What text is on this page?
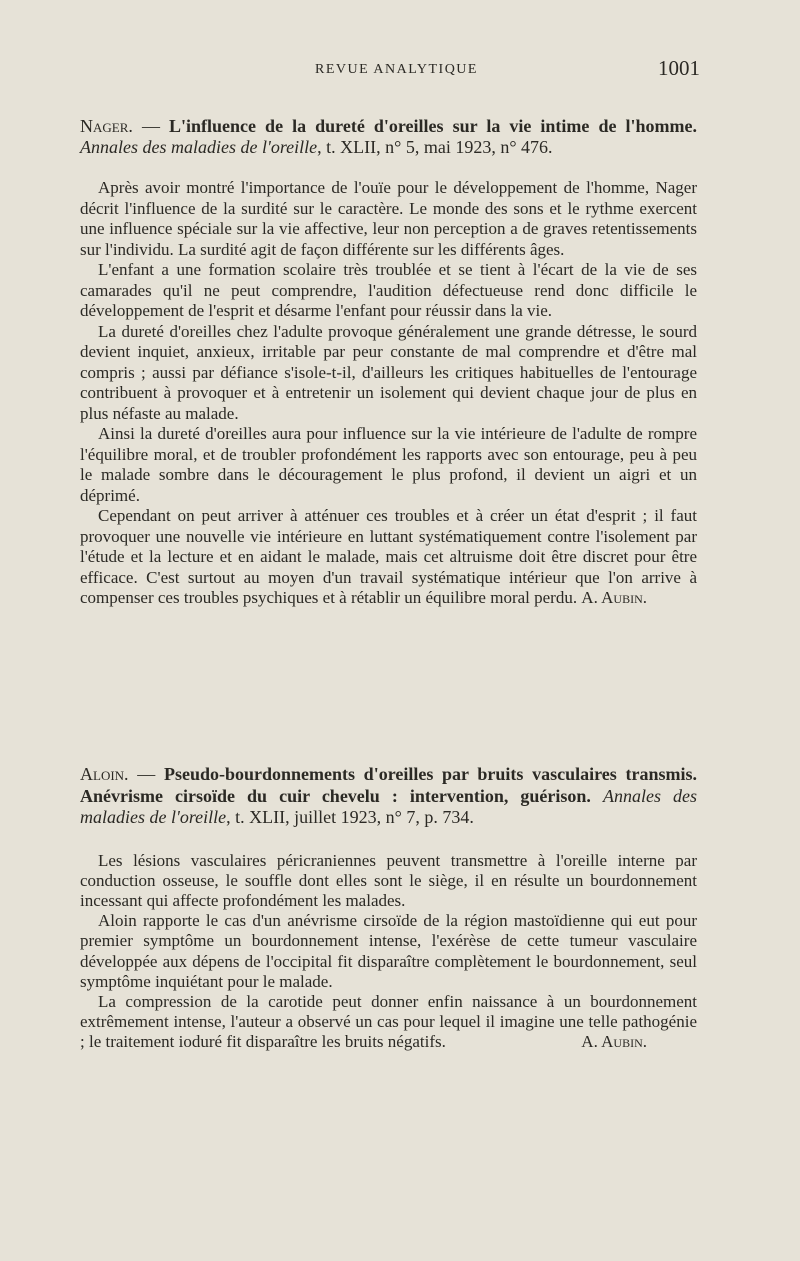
REVUE ANALYTIQUE	1001

Nager. — L'influence de la dureté d'oreilles sur la vie intime de l'homme. Annales des maladies de l'oreille, t. XLII, n° 5, mai 1923, n° 476.

Après avoir montré l'importance de l'ouïe pour le développement de l'homme, Nager décrit l'influence de la surdité sur le caractère. Le monde des sons et le rythme exercent une influence spéciale sur la vie affective, leur non perception a de graves retentissements sur l'individu. La surdité agit de façon différente sur les différents âges.

L'enfant a une formation scolaire très troublée et se tient à l'écart de la vie de ses camarades qu'il ne peut comprendre, l'audition défectueuse rend donc difficile le développement de l'esprit et désarme l'enfant pour réussir dans la vie.

La dureté d'oreilles chez l'adulte provoque généralement une grande détresse, le sourd devient inquiet, anxieux, irritable par peur constante de mal comprendre et d'être mal compris ; aussi par défiance s'isole-t-il, d'ailleurs les critiques habituelles de l'entourage contribuent à provoquer et à entretenir un isolement qui devient chaque jour de plus en plus néfaste au malade.

Ainsi la dureté d'oreilles aura pour influence sur la vie intérieure de l'adulte de rompre l'équilibre moral, et de troubler profondément les rapports avec son entourage, peu à peu le malade sombre dans le découragement le plus profond, il devient un aigri et un déprimé.

Cependant on peut arriver à atténuer ces troubles et à créer un état d'esprit ; il faut provoquer une nouvelle vie intérieure en luttant systématiquement contre l'isolement par l'étude et la lecture et en aidant le malade, mais cet altruisme doit être discret pour être efficace. C'est surtout au moyen d'un travail systématique intérieur que l'on arrive à compenser ces troubles psychiques et à rétablir un équilibre moral perdu. A. Aubin.

Aloin. — Pseudo-bourdonnements d'oreilles par bruits vasculaires transmis. Anévrisme cirsoïde du cuir chevelu : intervention, guérison. Annales des maladies de l'oreille, t. XLII, juillet 1923, n° 7, p. 734.

Les lésions vasculaires péricraniennes peuvent transmettre à l'oreille interne par conduction osseuse, le souffle dont elles sont le siège, il en résulte un bourdonnement incessant qui affecte profondément les malades.

Aloin rapporte le cas d'un anévrisme cirsoïde de la région mastoïdienne qui eut pour premier symptôme un bourdonnement intense, l'exérèse de cette tumeur vasculaire développée aux dépens de l'occipital fit disparaître complètement le bourdonnement, seul symptôme inquiétant pour le malade.

La compression de la carotide peut donner enfin naissance à un bourdonnement extrêmement intense, l'auteur a observé un cas pour lequel il imagine une telle pathogénie ; le traitement ioduré fit disparaître les bruits négatifs.	A. Aubin.
